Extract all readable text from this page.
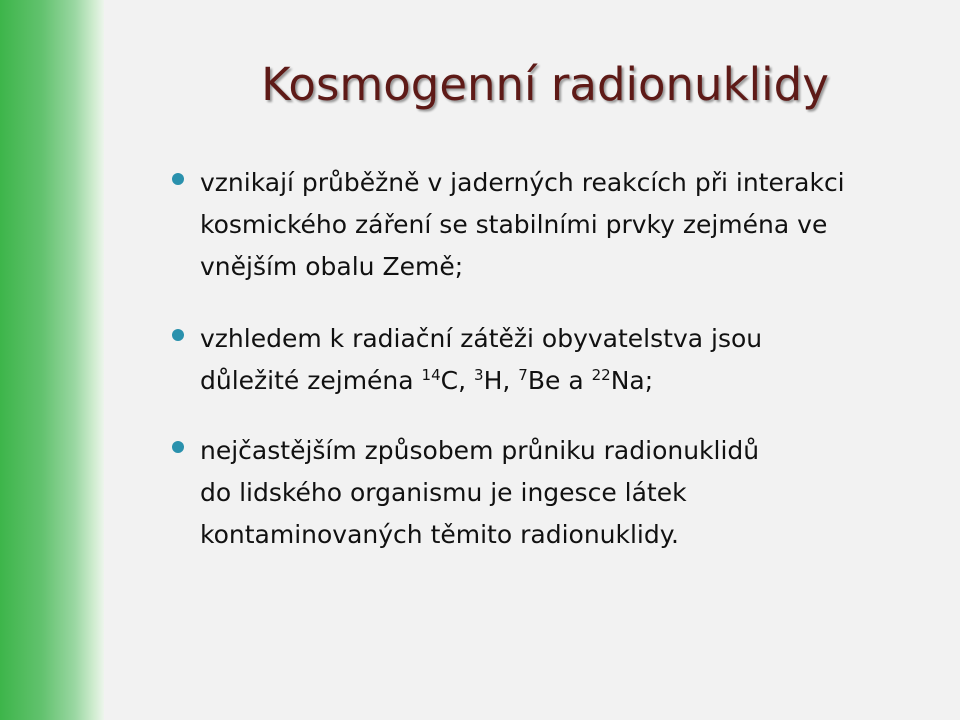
Kosmogenní radionuklidy
vznikají průběžně v jaderných reakcích při interakci
kosmického záření se stabilními prvky zejména ve
vnějším obalu Země;
vzhledem k radiační zátěži obyvatelstva jsou
důležité zejména $^{14}$C, $^3$H, $^7$Be a $^{22}$Na;
nejčastějším způsobem průniku radionuklidů
do lidského organismu je ingesce látek
kontaminovaných těmito radionuklidy.
